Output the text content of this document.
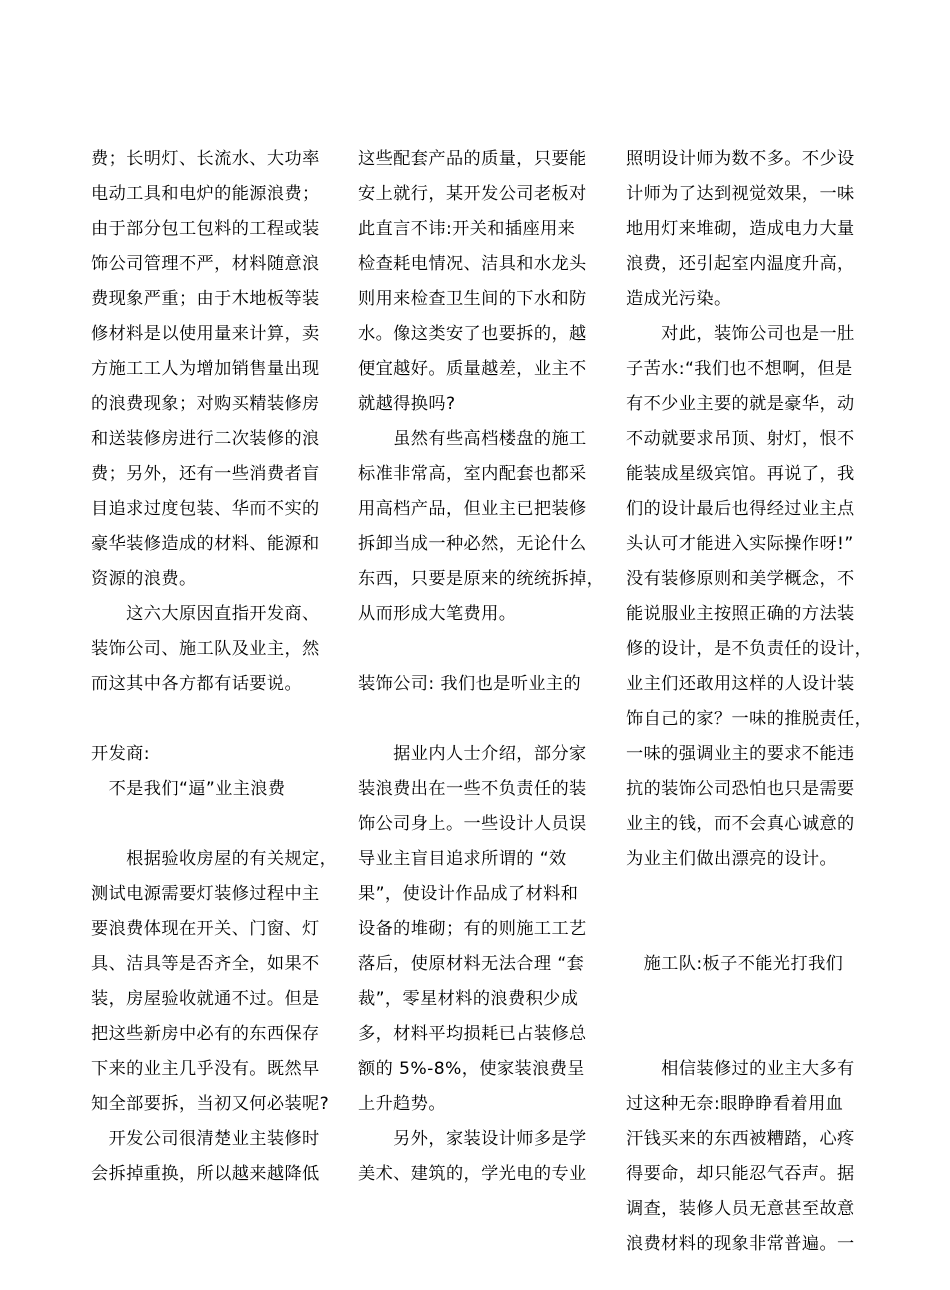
费；长明灯、长流水、大功率
电动工具和电炉的能源浪费；
由于部分包工包料的工程或装
饰公司管理不严，材料随意浪
费现象严重；由于木地板等装
修材料是以使用量来计算，卖
方施工工人为增加销售量出现
的浪费现象；对购买精装修房
和送装修房进行二次装修的浪
费；另外，还有一些消费者盲
目追求过度包装、华而不实的
豪华装修造成的材料、能源和
资源的浪费。
　　这六大原因直指开发商、
装饰公司、施工队及业主，然
而这其中各方都有话要说。
开发商:
　不是我们“逼”业主浪费
　　根据验收房屋的有关规定，
测试电源需要灯装修过程中主
要浪费体现在开关、门窗、灯
具、洁具等是否齐全，如果不
装，房屋验收就通不过。但是
把这些新房中必有的东西保存
下来的业主几乎没有。既然早
知全部要拆，当初又何必装呢?
　开发公司很清楚业主装修时
会拆掉重换，所以越来越降低
这些配套产品的质量，只要能
安上就行，某开发公司老板对
此直言不讳:开关和插座用来
检查耗电情况、洁具和水龙头
则用来检查卫生间的下水和防
水。像这类安了也要拆的，越
便宜越好。质量越差，业主不
就越得换吗?
　　虽然有些高档楼盘的施工
标准非常高，室内配套也都采
用高档产品，但业主已把装修
拆卸当成一种必然，无论什么
东西，只要是原来的统统拆掉，
从而形成大笔费用。
装饰公司: 我们也是听业主的
　　据业内人士介绍，部分家
装浪费出在一些不负责任的装
饰公司身上。一些设计人员误
导业主盲目追求所谓的 “效
果”，使设计作品成了材料和
设备的堆砌；有的则施工工艺
落后，使原材料无法合理 “套
裁”，零星材料的浪费积少成
多，材料平均损耗已占装修总
额的 5%-8%，使家装浪费呈
上升趋势。
　　另外，家装设计师多是学
美术、建筑的，学光电的专业
照明设计师为数不多。不少设
计师为了达到视觉效果，一味
地用灯来堆砌，造成电力大量
浪费，还引起室内温度升高，
造成光污染。
　　对此，装饰公司也是一肚
子苦水:“我们也不想啊，但是
有不少业主要的就是豪华，动
不动就要求吊顶、射灯，恨不
能装成星级宾馆。再说了，我
们的设计最后也得经过业主点
头认可才能进入实际操作呀!”
没有装修原则和美学概念，不
能说服业主按照正确的方法装
修的设计，是不负责任的设计，
业主们还敢用这样的人设计装
饰自己的家？一味的推脱责任，
一味的强调业主的要求不能违
抗的装饰公司恐怕也只是需要
业主的钱，而不会真心诚意的
为业主们做出漂亮的设计。
　施工队:板子不能光打我们
　　相信装修过的业主大多有
过这种无奈:眼睁睁看着用血
汗钱买来的东西被糟踏，心疼
得要命，却只能忍气吞声。据
调查，装修人员无意甚至故意
浪费材料的现象非常普遍。一
